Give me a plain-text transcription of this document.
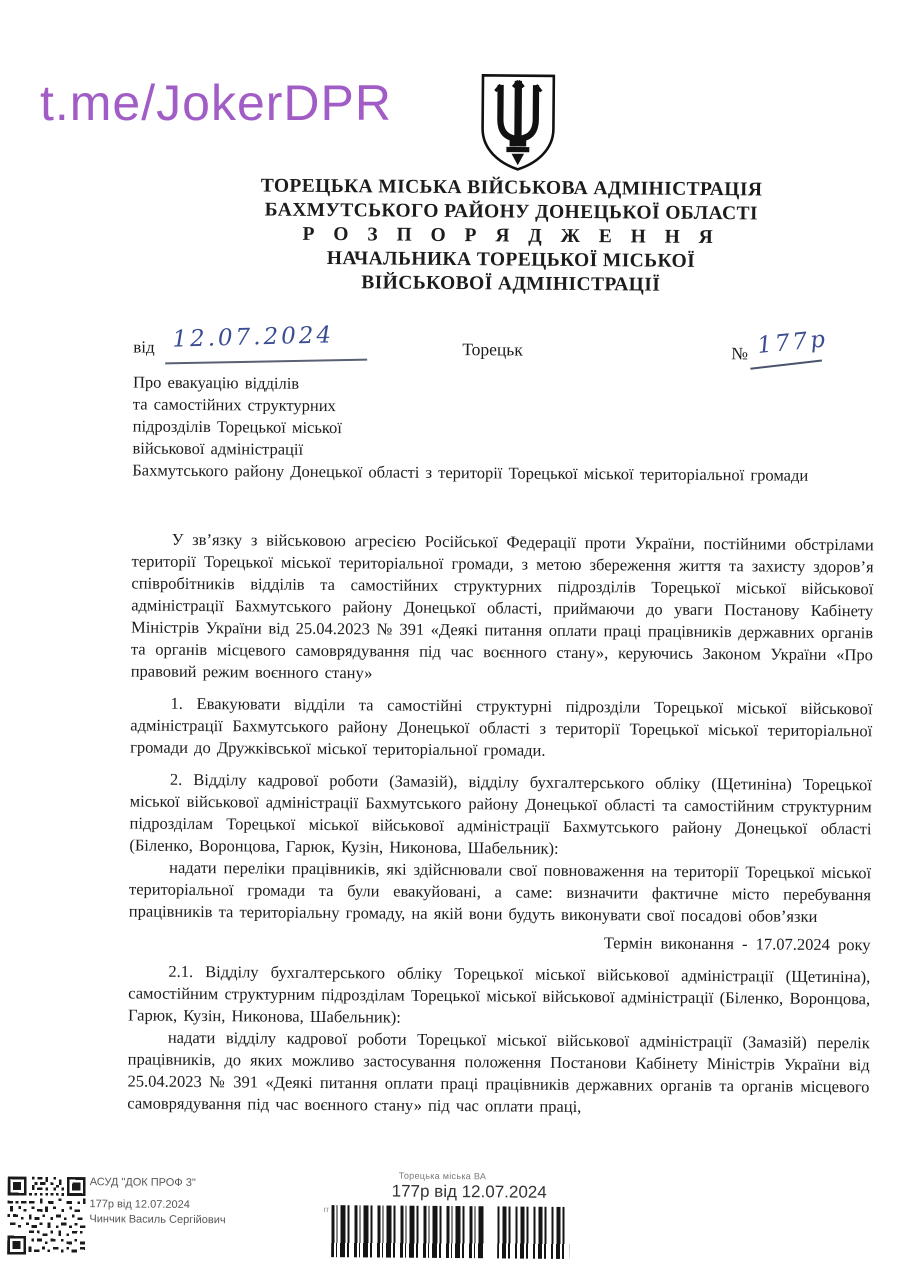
t.me/JokerDPR
ТОРЕЦЬКА МІСЬКА ВІЙСЬКОВА АДМІНІСТРАЦІЯ
БАХМУТСЬКОГО РАЙОНУ ДОНЕЦЬКОЇ ОБЛАСТІ
Р О З П О Р Я Д Ж Е Н Н Я
НАЧАЛЬНИКА ТОРЕЦЬКОЇ МІСЬКОЇ
ВІЙСЬКОВОЇ АДМІНІСТРАЦІЇ
від 12.07.2024	Торецьк	№ 177р
Про евакуацію відділів
та самостійних структурних
підрозділів Торецької міської
військової адміністрації
Бахмутського району Донецької області з території Торецької міської територіальної громади

У зв’язку з військовою агресією Російської Федерації проти України, постійними обстрілами території Торецької міської територіальної громади, з метою збереження життя та захисту здоров’я співробітників відділів та самостійних структурних підрозділів Торецької міської військової адміністрації Бахмутського району Донецької області, приймаючи до уваги Постанову Кабінету Міністрів України від 25.04.2023 № 391 «Деякі питання оплати праці працівників державних органів та органів місцевого самоврядування під час воєнного стану», керуючись Законом України «Про правовий режим воєнного стану»

1. Евакуювати відділи та самостійні структурні підрозділи Торецької міської військової адміністрації Бахмутського району Донецької області з території Торецької міської територіальної громади до Дружківської міської територіальної громади.

2. Відділу кадрової роботи (Замазій), відділу бухгалтерського обліку (Щетиніна) Торецької міської військової адміністрації Бахмутського району Донецької області та самостійним структурним підрозділам Торецької міської військової адміністрації Бахмутського району Донецької області (Біленко, Воронцова, Гарюк, Кузін, Никонова, Шабельник):

надати переліки працівників, які здійснювали свої повноваження на території Торецької міської територіальної громади та були евакуйовані, а саме: визначити фактичне місто перебування працівників та територіальну громаду, на якій вони будуть виконувати свої посадові обов’язки

Термін виконання - 17.07.2024 року

2.1. Відділу бухгалтерського обліку Торецької міської військової адміністрації (Щетиніна), самостійним структурним підрозділам Торецької міської військової адміністрації (Біленко, Воронцова, Гарюк, Кузін, Никонова, Шабельник):

надати відділу кадрової роботи Торецької міської військової адміністрації (Замазій) перелік працівників, до яких можливо застосування положення Постанови Кабінету Міністрів України від 25.04.2023 № 391 «Деякі питання оплати праці працівників державних органів та органів місцевого самоврядування під час воєнного стану» під час оплати праці,

АСУД "ДОК ПРОФ 3"
177р від 12.07.2024
Чинчик Василь Сергійович
Торецька міська ВА
177р від 12.07.2024
гг
